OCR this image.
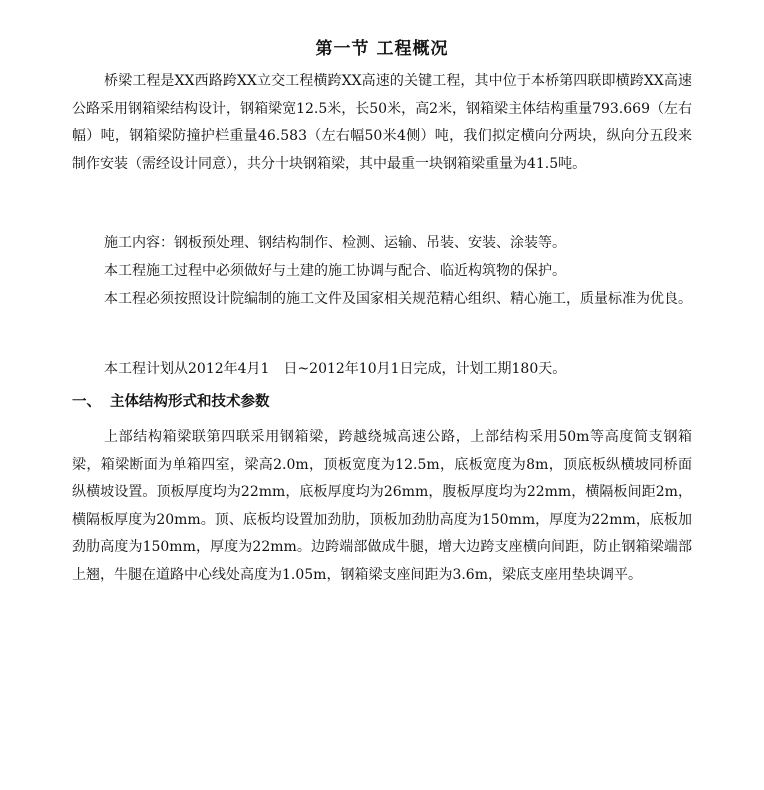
第一节 工程概况

桥梁工程是XX西路跨XX立交工程横跨XX高速的关键工程，其中位于本桥第四联即横跨XX高速公路采用钢箱梁结构设计，钢箱梁宽12.5米，长50米，高2米，钢箱梁主体结构重量793.669（左右幅）吨，钢箱梁防撞护栏重量46.583（左右幅50米4侧）吨，我们拟定横向分两块，纵向分五段来制作安装（需经设计同意），共分十块钢箱梁，其中最重一块钢箱梁重量为41.5吨。

施工内容：钢板预处理、钢结构制作、检测、运输、吊装、安装、涂装等。

本工程施工过程中必须做好与土建的施工协调与配合、临近构筑物的保护。

本工程必须按照设计院编制的施工文件及国家相关规范精心组织、精心施工，质量标准为优良。

本工程计划从2012年4月1　日~2012年10月1日完成，计划工期180天。

一、 主体结构形式和技术参数

上部结构箱梁联第四联采用钢箱梁，跨越绕城高速公路，上部结构采用50m等高度简支钢箱梁，箱梁断面为单箱四室，梁高2.0m，顶板宽度为12.5m，底板宽度为8m，顶底板纵横坡同桥面纵横坡设置。顶板厚度均为22mm，底板厚度均为26mm，腹板厚度均为22mm，横隔板间距2m，横隔板厚度为20mm。顶、底板均设置加劲肋，顶板加劲肋高度为150mm，厚度为22mm，底板加劲肋高度为150mm，厚度为22mm。边跨端部做成牛腿，增大边跨支座横向间距，防止钢箱梁端部上翘，牛腿在道路中心线处高度为1.05m，钢箱梁支座间距为3.6m，梁底支座用垫块调平。
